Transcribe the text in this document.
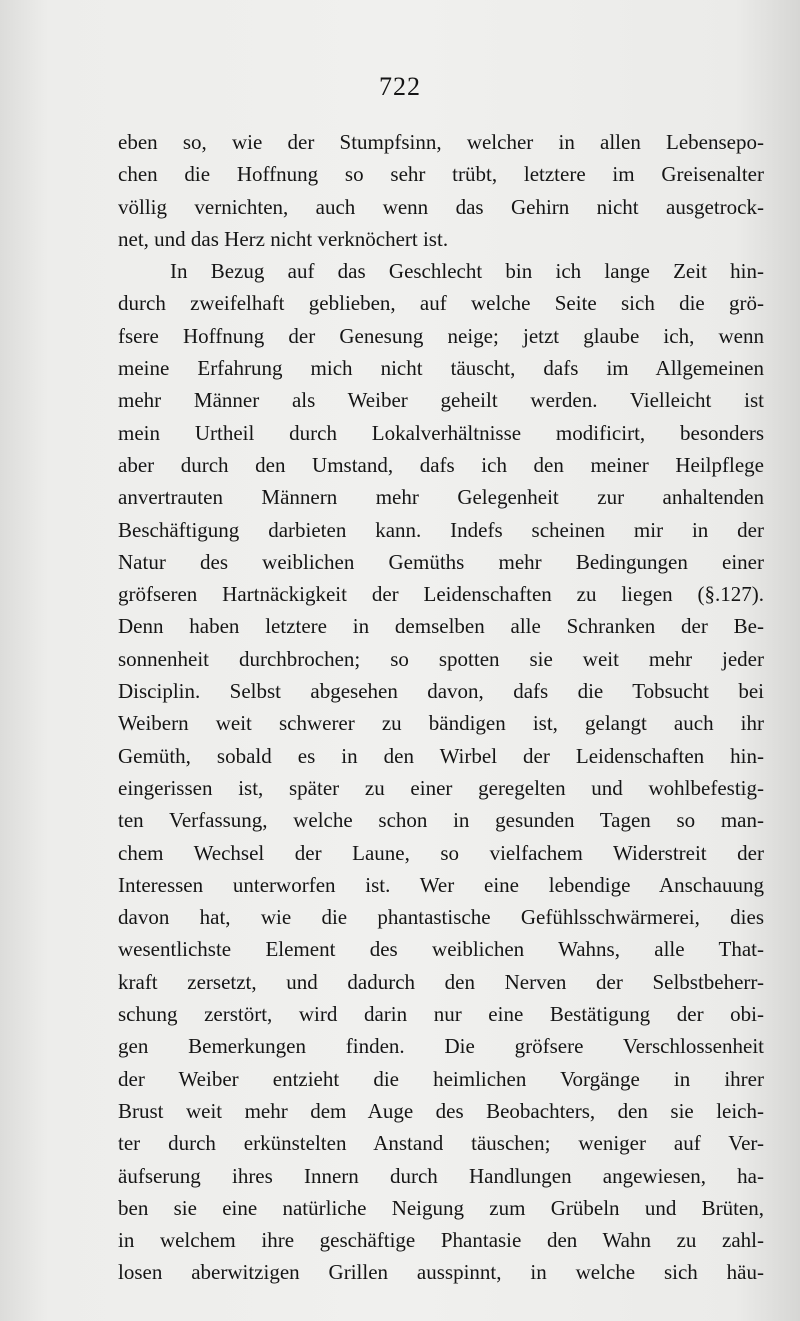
722
eben so, wie der Stumpfsinn, welcher in allen Lebensepo-
chen die Hoffnung so sehr trübt, letztere im Greisenalter
völlig vernichten, auch wenn das Gehirn nicht ausgetrock-
net, und das Herz nicht verknöchert ist.
In Bezug auf das Geschlecht bin ich lange Zeit hin-
durch zweifelhaft geblieben, auf welche Seite sich die grö-
fsere Hoffnung der Genesung neige; jetzt glaube ich, wenn
meine Erfahrung mich nicht täuscht, dafs im Allgemeinen
mehr Männer als Weiber geheilt werden. Vielleicht ist
mein Urtheil durch Lokalverhältnisse modificirt, besonders
aber durch den Umstand, dafs ich den meiner Heilpflege
anvertrauten Männern mehr Gelegenheit zur anhaltenden
Beschäftigung darbieten kann. Indefs scheinen mir in der
Natur des weiblichen Gemüths mehr Bedingungen einer
gröfseren Hartnäckigkeit der Leidenschaften zu liegen (§.127).
Denn haben letztere in demselben alle Schranken der Be-
sonnenheit durchbrochen; so spotten sie weit mehr jeder
Disciplin. Selbst abgesehen davon, dafs die Tobsucht bei
Weibern weit schwerer zu bändigen ist, gelangt auch ihr
Gemüth, sobald es in den Wirbel der Leidenschaften hin-
eingerissen ist, später zu einer geregelten und wohlbefestig-
ten Verfassung, welche schon in gesunden Tagen so man-
chem Wechsel der Laune, so vielfachem Widerstreit der
Interessen unterworfen ist. Wer eine lebendige Anschauung
davon hat, wie die phantastische Gefühlsschwärmerei, dies
wesentlichste Element des weiblichen Wahns, alle That-
kraft zersetzt, und dadurch den Nerven der Selbstbeherr-
schung zerstört, wird darin nur eine Bestätigung der obi-
gen Bemerkungen finden. Die gröfsere Verschlossenheit
der Weiber entzieht die heimlichen Vorgänge in ihrer
Brust weit mehr dem Auge des Beobachters, den sie leich-
ter durch erkünstelten Anstand täuschen; weniger auf Ver-
äufserung ihres Innern durch Handlungen angewiesen, ha-
ben sie eine natürliche Neigung zum Grübeln und Brüten,
in welchem ihre geschäftige Phantasie den Wahn zu zahl-
losen aberwitzigen Grillen ausspinnt, in welche sich häu-
